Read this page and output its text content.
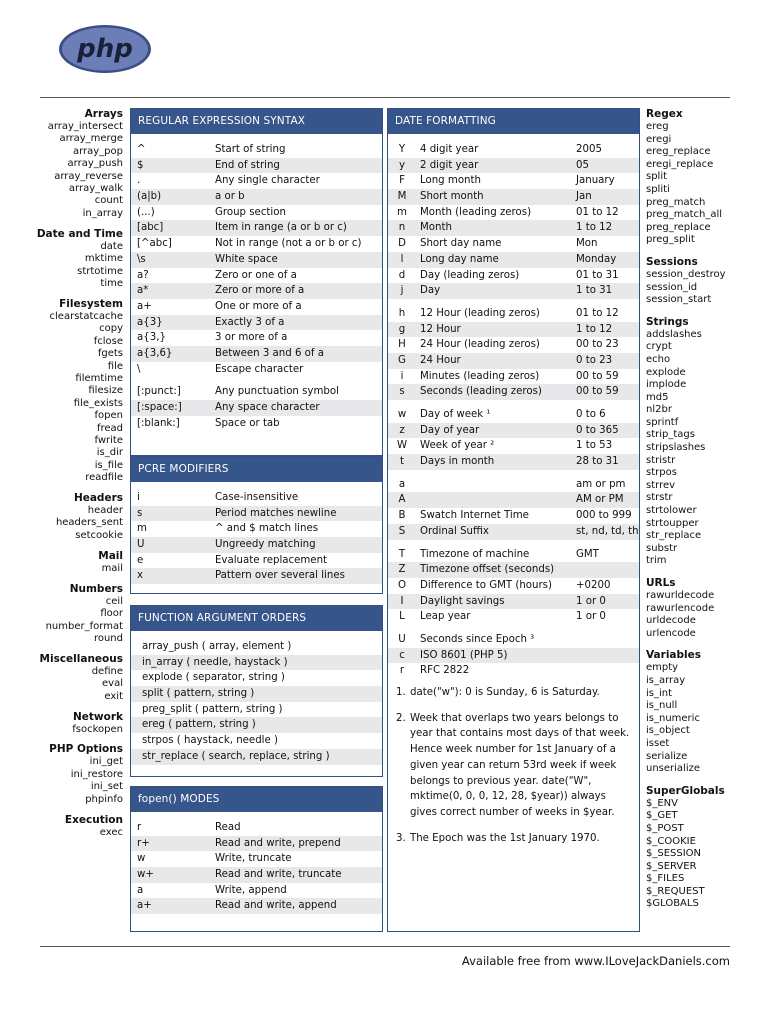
php
Arrays
array_intersect
array_merge
array_pop
array_push
array_reverse
array_walk
count
in_array
Date and Time
date
mktime
strtotime
time
Filesystem
clearstatcache
copy
fclose
fgets
file
filemtime
filesize
file_exists
fopen
fread
fwrite
is_dir
is_file
readfile
Headers
header
headers_sent
setcookie
Mail
mail
Numbers
ceil
floor
number_format
round
Miscellaneous
define
eval
exit
Network
fsockopen
PHP Options
ini_get
ini_restore
ini_set
phpinfo
Execution
exec
REGULAR EXPRESSION SYNTAX
^	Start of string
$	End of string
.	Any single character
(a|b)	a or b
(...)	Group section
[abc]	Item in range (a or b or c)
[^abc]	Not in range (not a or b or c)
\s	White space
a?	Zero or one of a
a*	Zero or more of a
a+	One or more of a
a{3}	Exactly 3 of a
a{3,}	3 or more of a
a{3,6}	Between 3 and 6 of a
\	Escape character
[:punct:]	Any punctuation symbol
[:space:]	Any space character
[:blank:]	Space or tab
PCRE MODIFIERS
i	Case-insensitive
s	Period matches newline
m	^ and $ match lines
U	Ungreedy matching
e	Evaluate replacement
x	Pattern over several lines
FUNCTION ARGUMENT ORDERS
array_push ( array, element )
in_array ( needle, haystack )
explode ( separator, string )
split ( pattern, string )
preg_split ( pattern, string )
ereg ( pattern, string )
strpos ( haystack, needle )
str_replace ( search, replace, string )
fopen() MODES
r	Read
r+	Read and write, prepend
w	Write, truncate
w+	Read and write, truncate
a	Write, append
a+	Read and write, append
DATE FORMATTING
Y	4 digit year	2005
y	2 digit year	05
F	Long month	January
M	Short month	Jan
m	Month (leading zeros)	01 to 12
n	Month	1 to 12
D	Short day name	Mon
l	Long day name	Monday
d	Day (leading zeros)	01 to 31
j	Day	1 to 31
h	12 Hour (leading zeros)	01 to 12
g	12 Hour	1 to 12
H	24 Hour (leading zeros)	00 to 23
G	24 Hour	0 to 23
i	Minutes (leading zeros)	00 to 59
s	Seconds (leading zeros)	00 to 59
w	Day of week ¹	0 to 6
z	Day of year	0 to 365
W	Week of year ²	1 to 53
t	Days in month	28 to 31
a	am or pm
A	AM or PM
B	Swatch Internet Time	000 to 999
S	Ordinal Suffix	st, nd, td, th
T	Timezone of machine	GMT
Z	Timezone offset (seconds)
O	Difference to GMT (hours)	+0200
I	Daylight savings	1 or 0
L	Leap year	1 or 0
U	Seconds since Epoch ³
c	ISO 8601 (PHP 5)
r	RFC 2822
1. date("w"): 0 is Sunday, 6 is Saturday.
2. Week that overlaps two years belongs to year that contains most days of that week. Hence week number for 1st January of a given year can return 53rd week if week belongs to previous year. date("W", mktime(0, 0, 0, 12, 28, $year)) always gives correct number of weeks in $year.
3. The Epoch was the 1st January 1970.
Regex
ereg
eregi
ereg_replace
eregi_replace
split
spliti
preg_match
preg_match_all
preg_replace
preg_split
Sessions
session_destroy
session_id
session_start
Strings
addslashes
crypt
echo
explode
implode
md5
nl2br
sprintf
strip_tags
stripslashes
stristr
strpos
strrev
strstr
strtolower
strtoupper
str_replace
substr
trim
URLs
rawurldecode
rawurlencode
urldecode
urlencode
Variables
empty
is_array
is_int
is_null
is_numeric
is_object
isset
serialize
unserialize
SuperGlobals
$_ENV
$_GET
$_POST
$_COOKIE
$_SESSION
$_SERVER
$_FILES
$_REQUEST
$GLOBALS
Available free from www.ILoveJackDaniels.com
